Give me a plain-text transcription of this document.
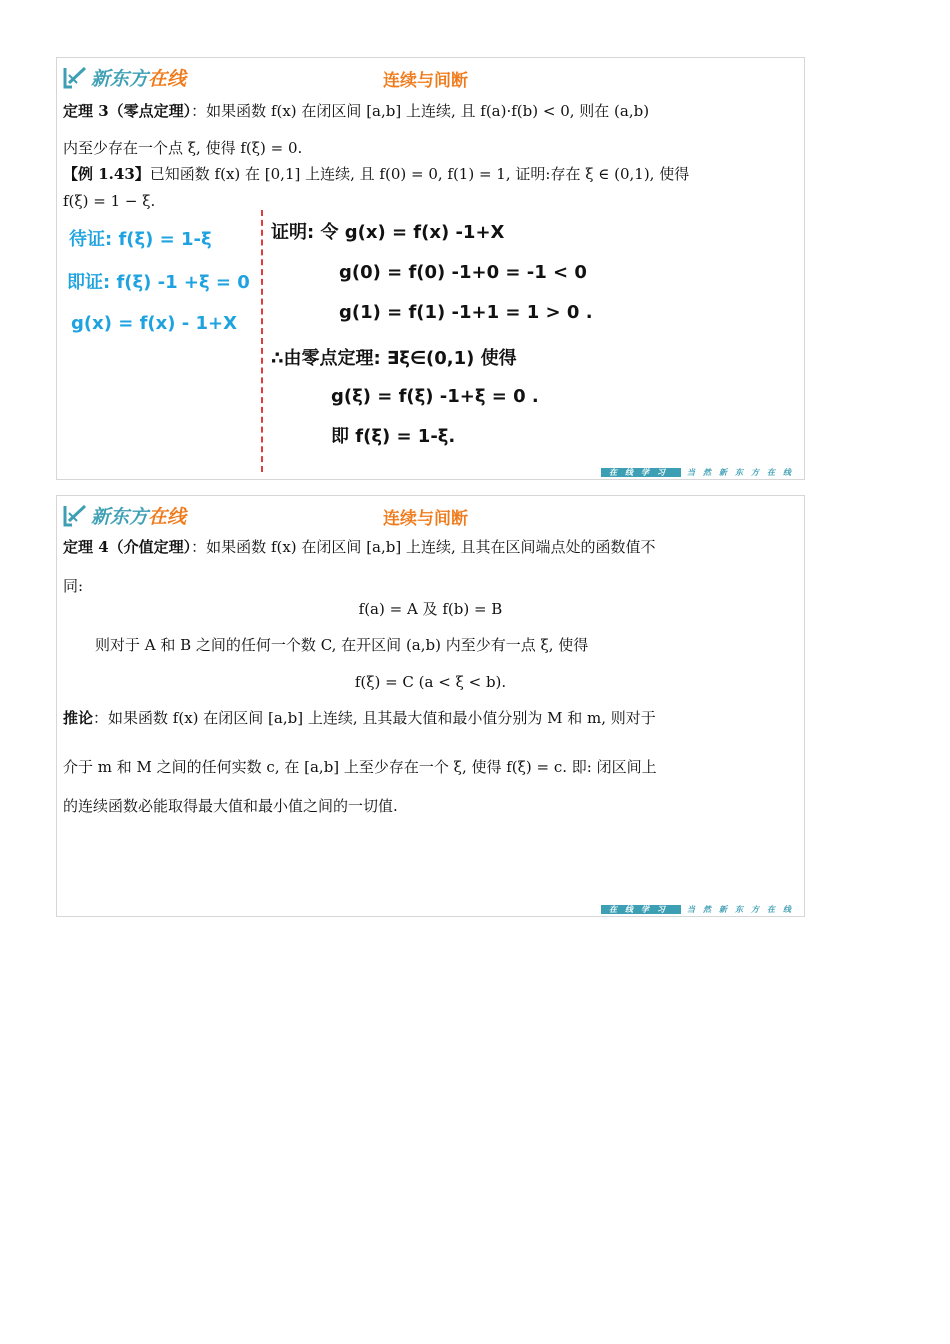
新东方在线	连续与间断
定理 3（零点定理）：如果函数 f(x) 在闭区间 [a,b] 上连续, 且 f(a)·f(b) < 0, 则在 (a,b)
内至少存在一个点 ξ, 使得 f(ξ) = 0.
【例 1.43】已知函数 f(x) 在 [0,1] 上连续, 且 f(0) = 0, f(1) = 1, 证明:存在 ξ ∈ (0,1), 使得
f(ξ) = 1 − ξ.
待证: f(ξ) = 1-ξ
即证: f(ξ) -1 +ξ = 0
g(x) = f(x) - 1+X
证明: 令 g(x) = f(x) -1+X
g(0) = f(0) -1+0 = -1 < 0
g(1) = f(1) -1+1 = 1 > 0 .
∴由零点定理: ∃ξ∈(0,1) 使得
g(ξ) = f(ξ) -1+ξ = 0 .
即 f(ξ) = 1-ξ.
在线学习	当然新东方在线
新东方在线	连续与间断
定理 4（介值定理）：如果函数 f(x) 在闭区间 [a,b] 上连续, 且其在区间端点处的函数值不
同:
f(a) = A 及 f(b) = B
则对于 A 和 B 之间的任何一个数 C, 在开区间 (a,b) 内至少有一点 ξ, 使得
f(ξ) = C (a < ξ < b).
推论：如果函数 f(x) 在闭区间 [a,b] 上连续, 且其最大值和最小值分别为 M 和 m, 则对于
介于 m 和 M 之间的任何实数 c, 在 [a,b] 上至少存在一个 ξ, 使得 f(ξ) = c. 即: 闭区间上
的连续函数必能取得最大值和最小值之间的一切值.
在线学习	当然新东方在线
